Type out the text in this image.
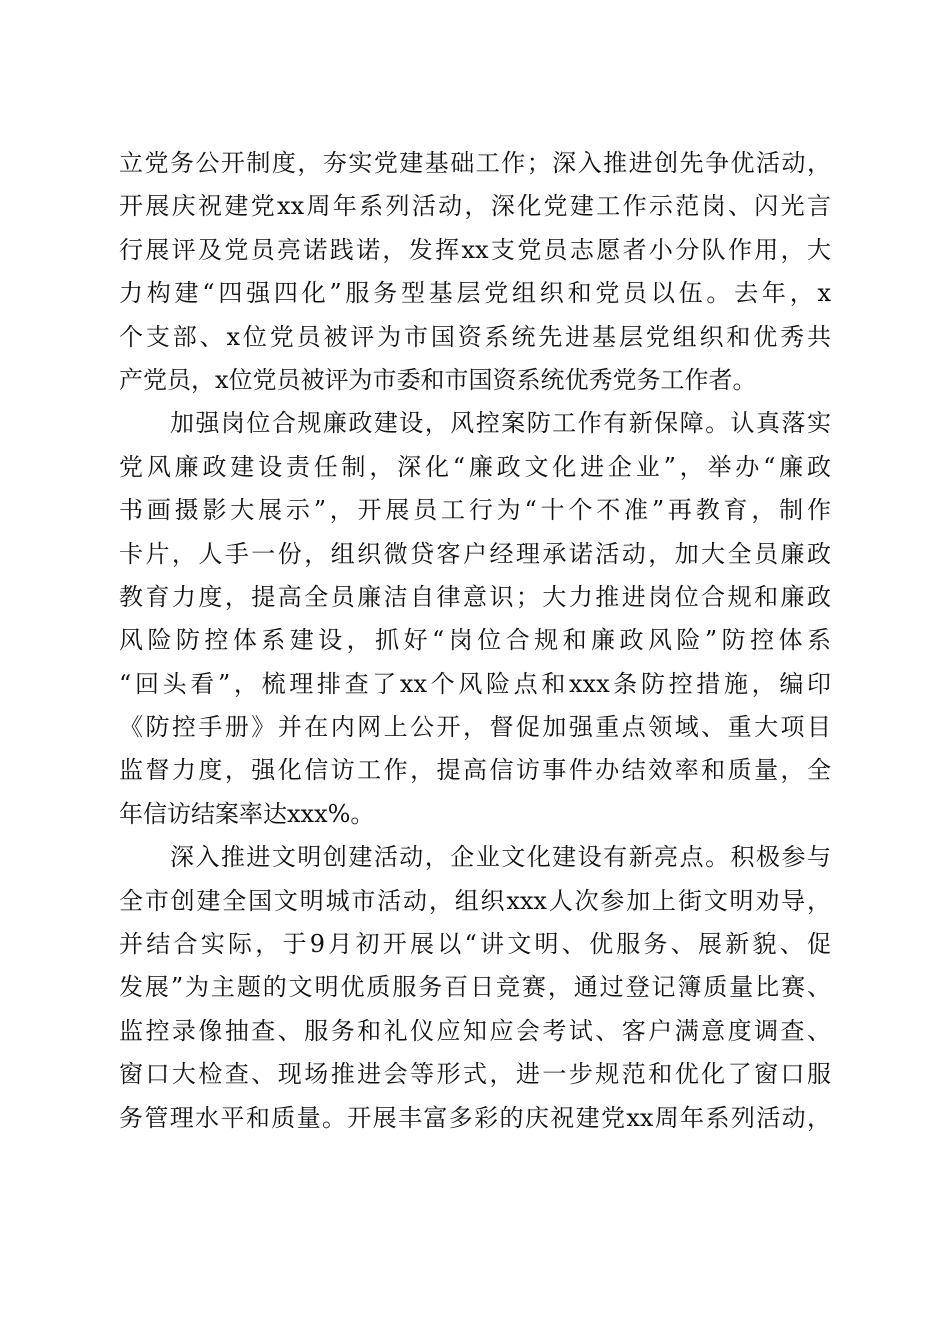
立党务公开制度，夯实党建基础工作；深入推进创先争优活动，
开展庆祝建党xx周年系列活动，深化党建工作示范岗、闪光言
行展评及党员亮诺践诺，发挥xx支党员志愿者小分队作用，大
力构建“四强四化”服务型基层党组织和党员以伍。去年，x
个支部、x位党员被评为市国资系统先进基层党组织和优秀共
产党员，x位党员被评为市委和市国资系统优秀党务工作者。
　　加强岗位合规廉政建设，风控案防工作有新保障。认真落实
党风廉政建设责任制，深化“廉政文化进企业”，举办“廉政
书画摄影大展示”，开展员工行为“十个不准”再教育，制作
卡片，人手一份，组织微贷客户经理承诺活动，加大全员廉政
教育力度，提高全员廉洁自律意识；大力推进岗位合规和廉政
风险防控体系建设，抓好“岗位合规和廉政风险”防控体系
“回头看”，梳理排查了xx个风险点和xxx条防控措施，编印
《防控手册》并在内网上公开，督促加强重点领域、重大项目
监督力度，强化信访工作，提高信访事件办结效率和质量，全
年信访结案率达xxx%。
　　深入推进文明创建活动，企业文化建设有新亮点。积极参与
全市创建全国文明城市活动，组织xxx人次参加上街文明劝导，
并结合实际，于9月初开展以“讲文明、优服务、展新貌、促
发展”为主题的文明优质服务百日竞赛，通过登记簿质量比赛、
监控录像抽查、服务和礼仪应知应会考试、客户满意度调查、
窗口大检查、现场推进会等形式，进一步规范和优化了窗口服
务管理水平和质量。开展丰富多彩的庆祝建党xx周年系列活动，
